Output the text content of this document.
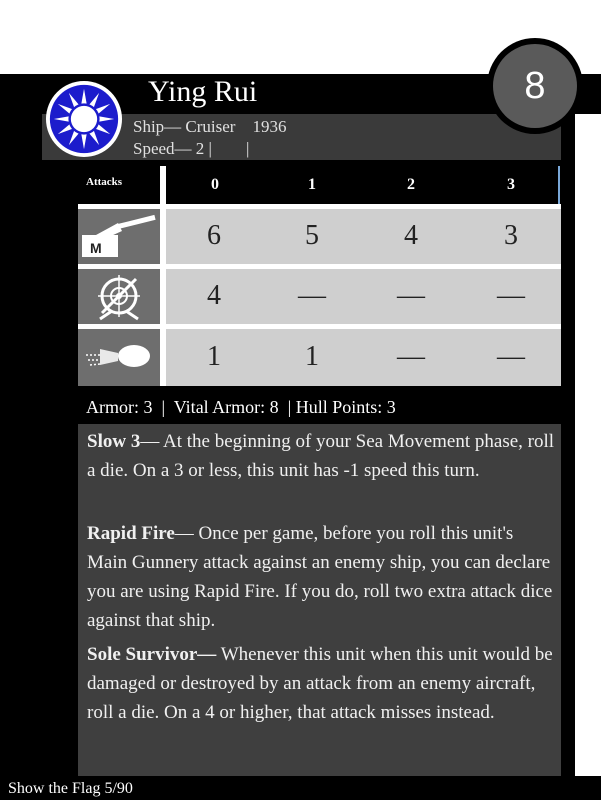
Ying Rui
Ship— Cruiser    1936
Speed— 2 |        |
8
Attacks	0	1	2	3
M	6	5	4	3
4	—	—	—
1	1	—	—
Armor: 3  |  Vital Armor: 8  | Hull Points: 3
Slow 3— At the beginning of your Sea Movement phase, roll a die. On a 3 or less, this unit has -1 speed this turn.
Rapid Fire— Once per game, before you roll this unit's Main Gunnery attack against an enemy ship, you can declare you are using Rapid Fire. If you do, roll two extra attack dice against that ship.
Sole Survivor— Whenever this unit when this unit would be damaged or destroyed by an attack from an enemy aircraft, roll a die. On a 4 or higher, that attack misses instead.
Show the Flag 5/90
